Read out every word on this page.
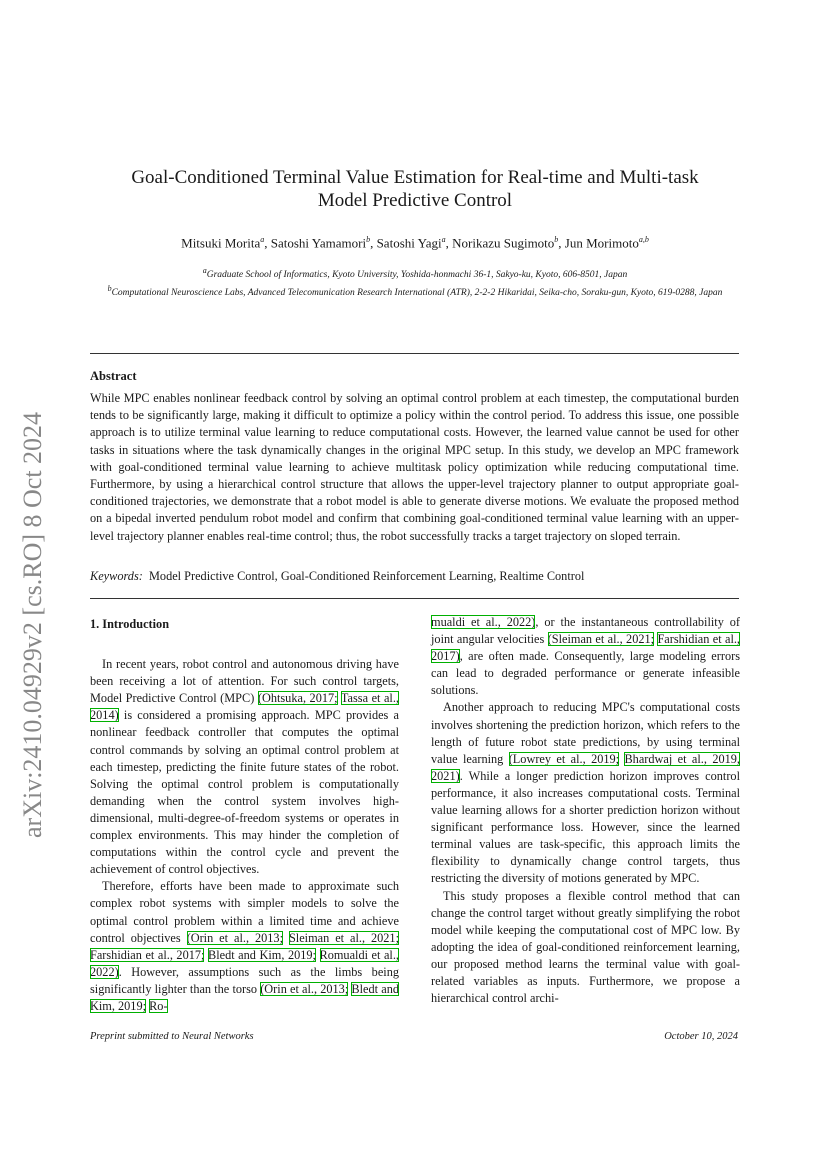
arXiv:2410.04929v2 [cs.RO] 8 Oct 2024
Goal-Conditioned Terminal Value Estimation for Real-time and Multi-task
Model Predictive Control
Mitsuki Morita$^a$, Satoshi Yamamori$^b$, Satoshi Yagi$^a$, Norikazu Sugimoto$^b$, Jun Morimoto$^{a,b}$
$^a$Graduate School of Informatics, Kyoto University, Yoshida-honmachi 36-1, Sakyo-ku, Kyoto, 606-8501, Japan
$^b$Computational Neuroscience Labs, Advanced Telecomunication Research International (ATR), 2-2-2 Hikaridai, Seika-cho, Soraku-gun, Kyoto, 619-0288, Japan
Abstract
While MPC enables nonlinear feedback control by solving an optimal control problem at each timestep, the computational burden tends to be significantly large, making it difficult to optimize a policy within the control period. To address this issue, one possible approach is to utilize terminal value learning to reduce computational costs. However, the learned value cannot be used for other tasks in situations where the task dynamically changes in the original MPC setup. In this study, we develop an MPC framework with goal-conditioned terminal value learning to achieve multitask policy optimization while reducing computational time. Furthermore, by using a hierarchical control structure that allows the upper-level trajectory planner to output appropriate goal-conditioned trajectories, we demonstrate that a robot model is able to generate diverse motions. We evaluate the proposed method on a bipedal inverted pendulum robot model and confirm that combining goal-conditioned terminal value learning with an upper-level trajectory planner enables real-time control; thus, the robot successfully tracks a target trajectory on sloped terrain.
Keywords: Model Predictive Control, Goal-Conditioned Reinforcement Learning, Realtime Control
1. Introduction

In recent years, robot control and autonomous driving have been receiving a lot of attention. For such control targets, Model Predictive Control (MPC) (Ohtsuka, 2017; Tassa et al., 2014) is considered a promising approach. MPC provides a nonlinear feedback controller that computes the optimal control commands by solving an optimal control problem at each timestep, predicting the finite future states of the robot. Solving the optimal control problem is computationally demanding when the control system involves high-dimensional, multi-degree-of-freedom systems or operates in complex environments. This may hinder the completion of computations within the control cycle and prevent the achievement of control objectives.

Therefore, efforts have been made to approximate such complex robot systems with simpler models to solve the optimal control problem within a limited time and achieve control objectives (Orin et al., 2013; Sleiman et al., 2021; Farshidian et al., 2017; Bledt and Kim, 2019; Romualdi et al., 2022). However, assumptions such as the limbs being significantly lighter than the torso (Orin et al., 2013; Bledt and Kim, 2019; Ro-

mualdi et al., 2022), or the instantaneous controllability of joint angular velocities (Sleiman et al., 2021; Farshidian et al., 2017), are often made. Consequently, large modeling errors can lead to degraded performance or generate infeasible solutions.

Another approach to reducing MPC's computational costs involves shortening the prediction horizon, which refers to the length of future robot state predictions, by using terminal value learning (Lowrey et al., 2019; Bhardwaj et al., 2019, 2021). While a longer prediction horizon improves control performance, it also increases computational costs. Terminal value learning allows for a shorter prediction horizon without significant performance loss. However, since the learned terminal values are task-specific, this approach limits the flexibility to dynamically change control targets, thus restricting the diversity of motions generated by MPC.

This study proposes a flexible control method that can change the control target without greatly simplifying the robot model while keeping the computational cost of MPC low. By adopting the idea of goal-conditioned reinforcement learning, our proposed method learns the terminal value with goal-related variables as inputs. Furthermore, we propose a hierarchical control archi-

Preprint submitted to Neural Networks	October 10, 2024
